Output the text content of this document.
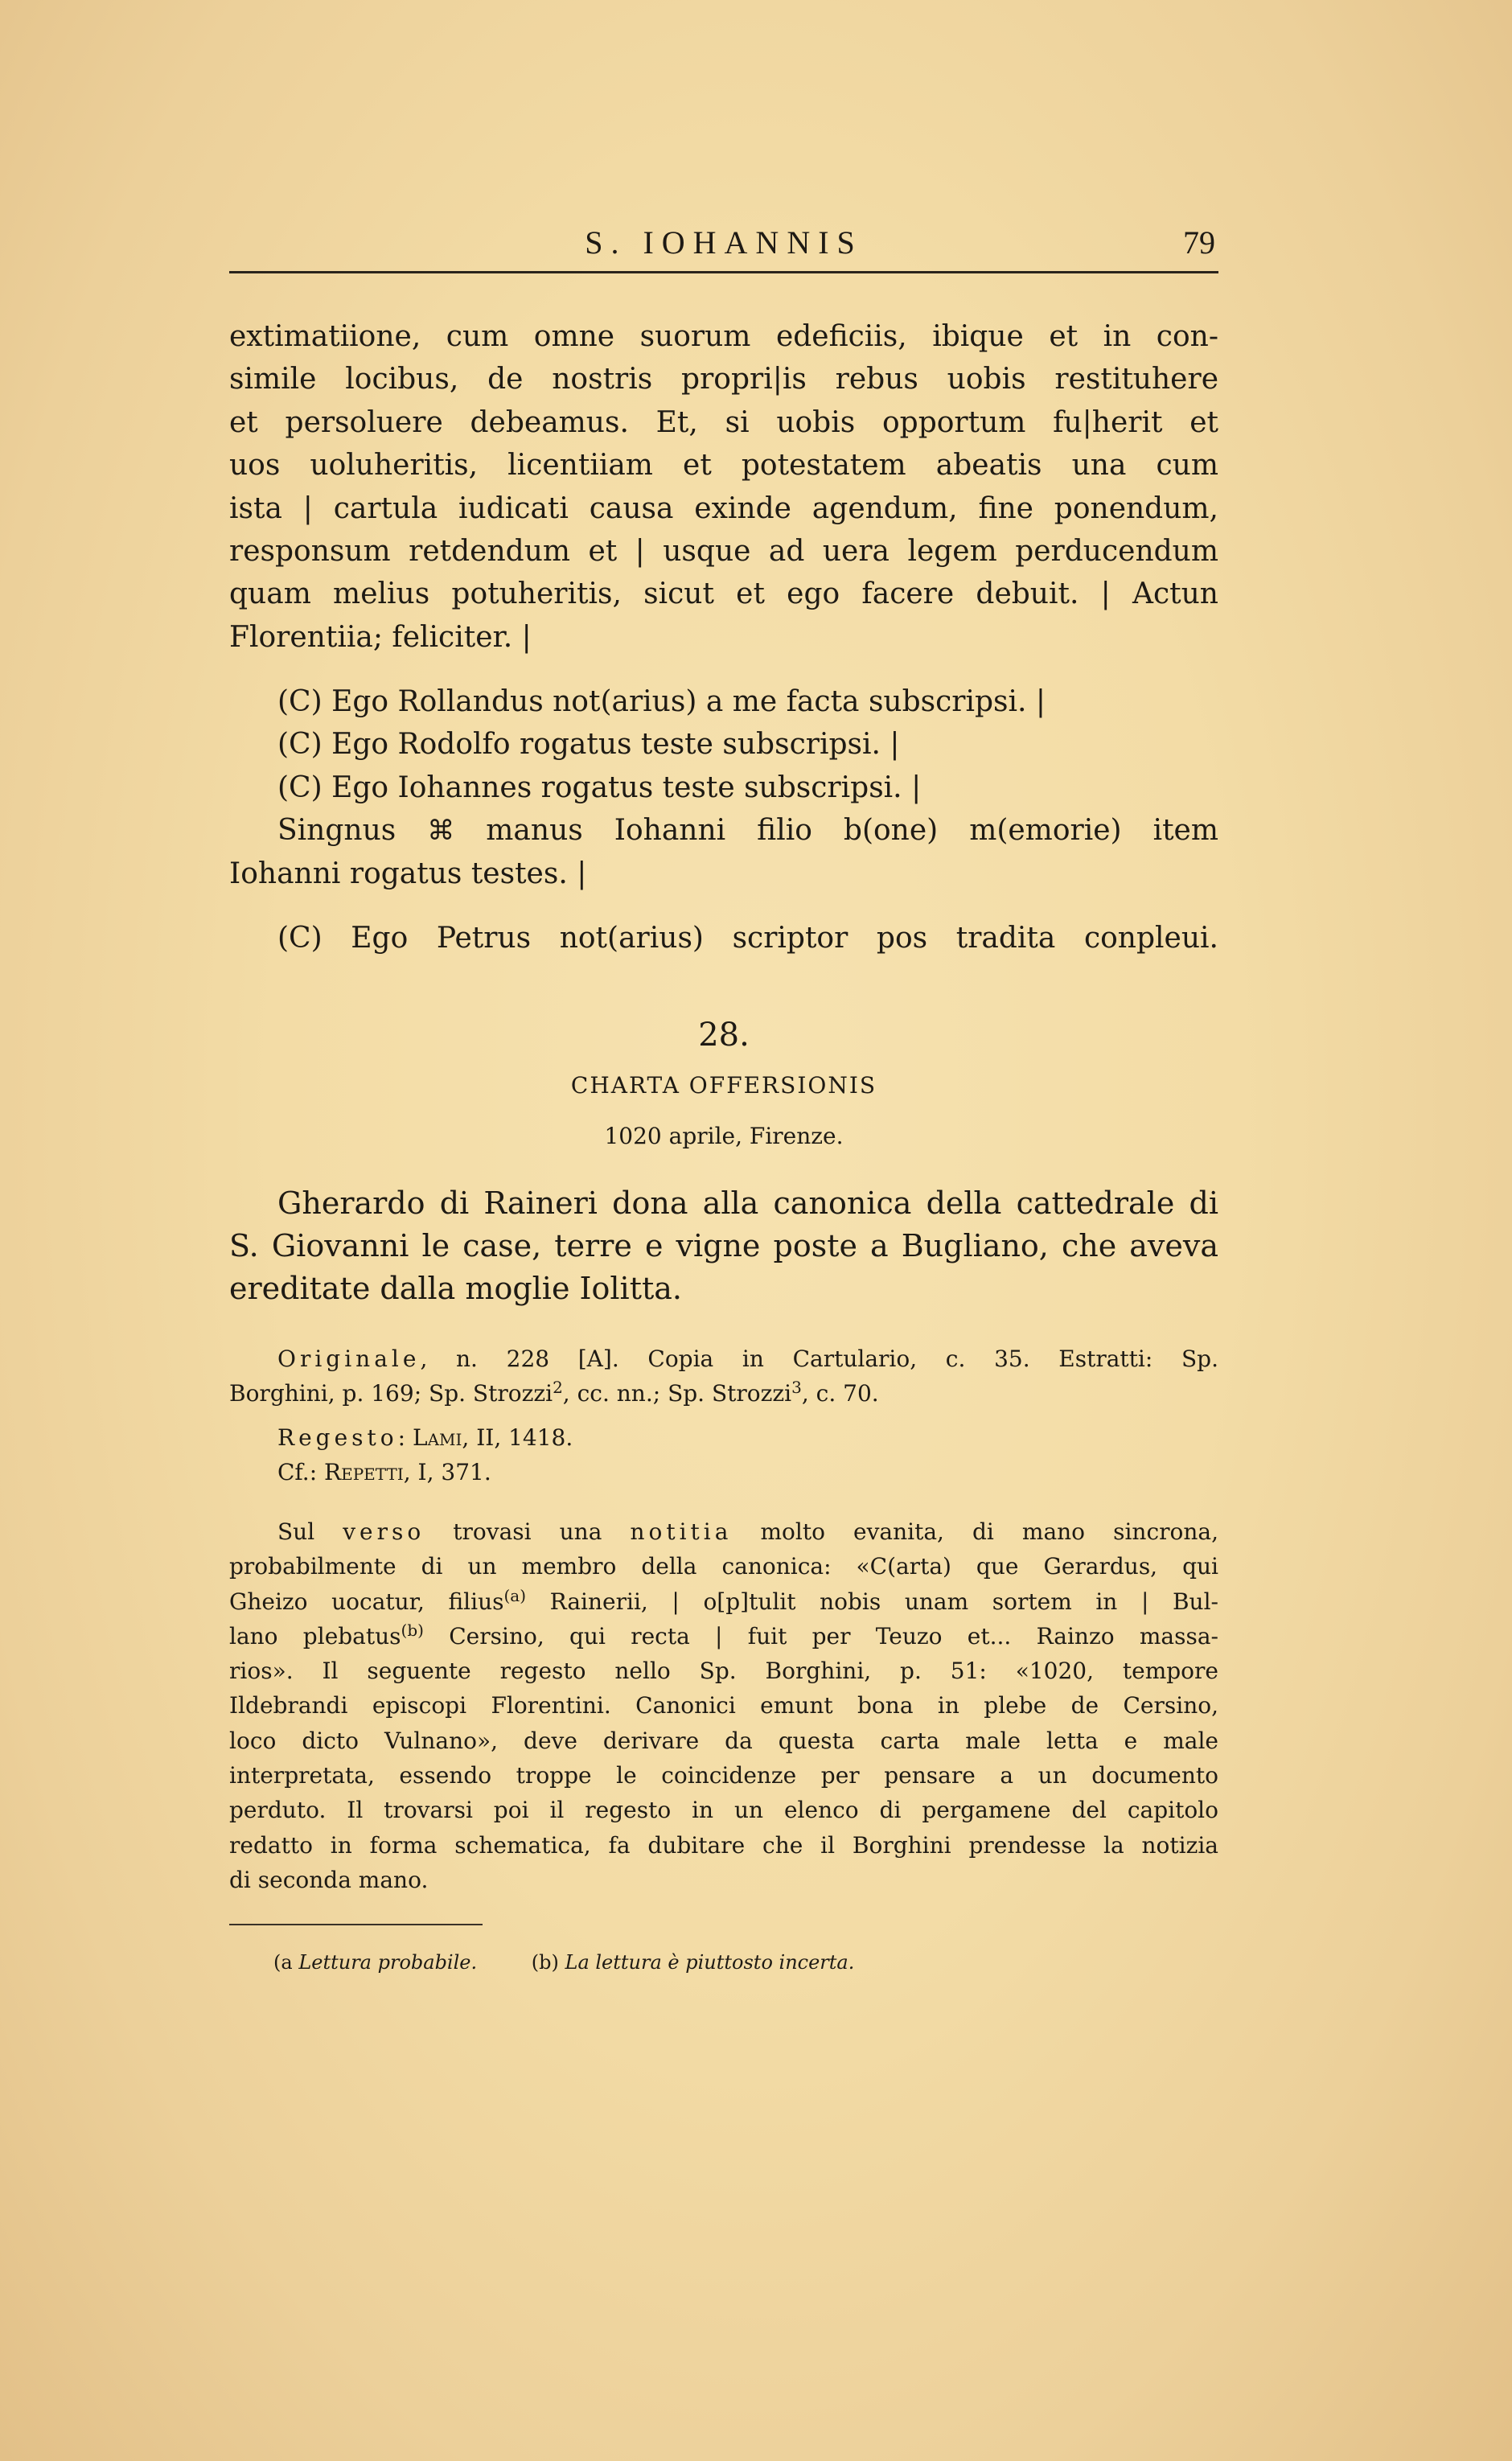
S. IOHANNIS	79
extimatiione, cum omne suorum edeficiis, ibique et in con-
simile locibus, de nostris propri|is rebus uobis restituhere
et persoluere debeamus. Et, si uobis opportum fu|herit et
uos uoluheritis, licentiiam et potestatem abeatis una cum
ista | cartula iudicati causa exinde agendum, fine ponendum,
responsum retdendum et | usque ad uera legem perducendum
quam melius potuheritis, sicut et ego facere debuit. | Actun
Florentiia; feliciter. |
(C) Ego Rollandus not(arius) a me facta subscripsi. |
(C) Ego Rodolfo rogatus teste subscripsi. |
(C) Ego Iohannes rogatus teste subscripsi. |
Singnus ⌘ manus Iohanni filio b(one) m(emorie) item
Iohanni rogatus testes. |
(C) Ego Petrus not(arius) scriptor pos tradita conpleui.
28.
CHARTA OFFERSIONIS
1020 aprile, Firenze.
Gherardo di Raineri dona alla canonica della cattedrale di
S. Giovanni le case, terre e vigne poste a Bugliano, che aveva
ereditate dalla moglie Iolitta.
Originale, n. 228 [A]. Copia in Cartulario, c. 35. Estratti: Sp.
Borghini, p. 169; Sp. Strozzi$^2$, cc. nn.; Sp. Strozzi$^3$, c. 70.
Regesto: Lami, II, 1418.
Cf.: Repetti, I, 371.
Sul verso trovasi una notitia molto evanita, di mano sincrona,
probabilmente di un membro della canonica: «C(arta) que Gerardus, qui
Gheizo uocatur, filius$^{(a)}$ Rainerii, | o[p]tulit nobis unam sortem in | Bul-
lano plebatus$^{(b)}$ Cersino, qui recta | fuit per Teuzo et... Rainzo massa-
rios». Il seguente regesto nello Sp. Borghini, p. 51: «1020, tempore
Ildebrandi episcopi Florentini. Canonici emunt bona in plebe de Cersino,
loco dicto Vulnano», deve derivare da questa carta male letta e male
interpretata, essendo troppe le coincidenze per pensare a un documento
perduto. Il trovarsi poi il regesto in un elenco di pergamene del capitolo
redatto in forma schematica, fa dubitare che il Borghini prendesse la notizia
di seconda mano.
(a Lettura probabile.	(b) La lettura è piuttosto incerta.
